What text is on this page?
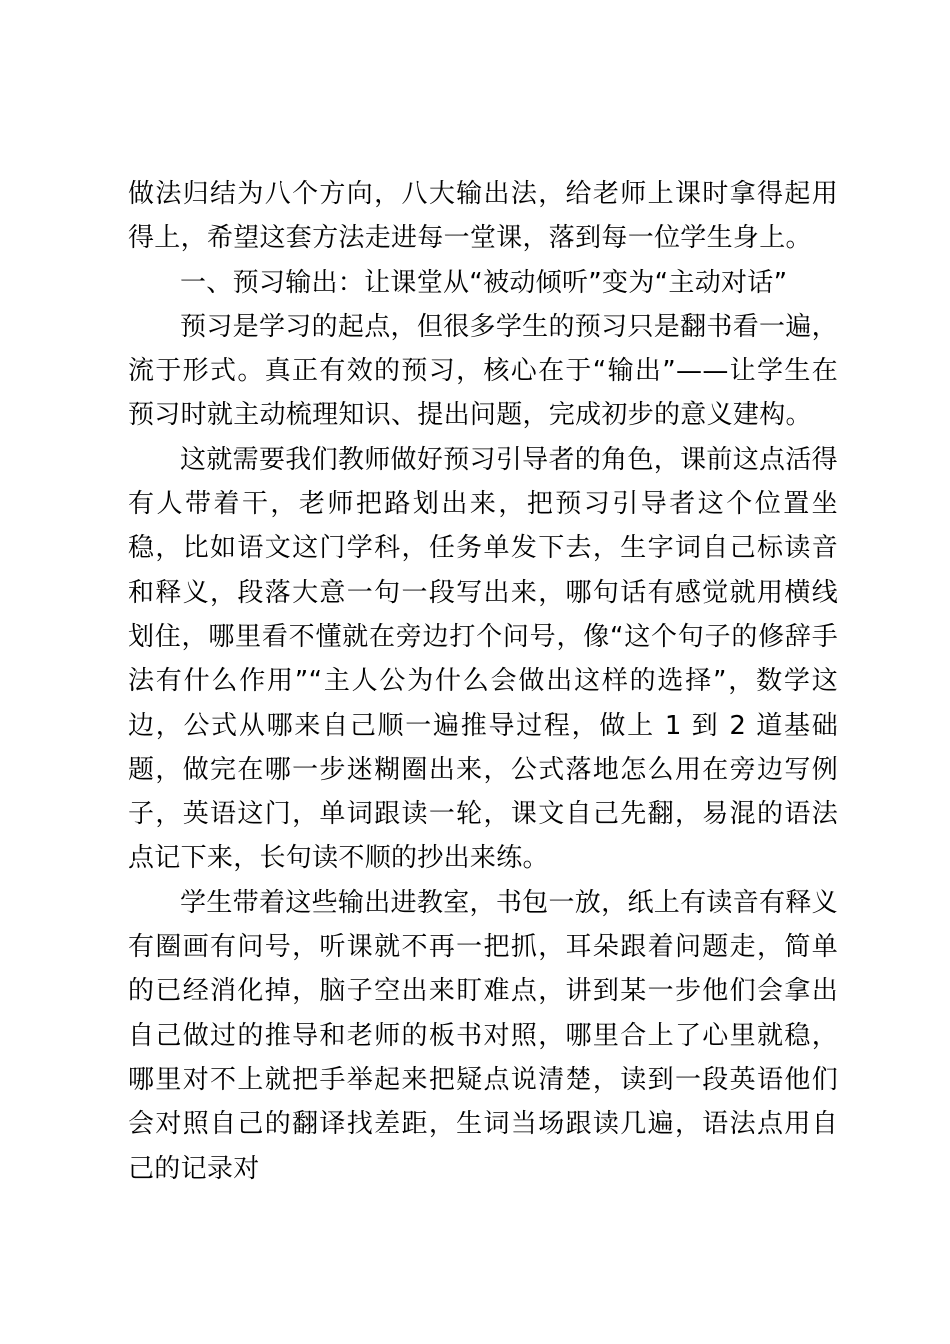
做法归结为八个方向，八大输出法，给老师上课时拿得起用得上，希望这套方法走进每一堂课，落到每一位学生身上。

一、预习输出：让课堂从“被动倾听”变为“主动对话”

预习是学习的起点，但很多学生的预习只是翻书看一遍，流于形式。真正有效的预习，核心在于“输出”——让学生在预习时就主动梳理知识、提出问题，完成初步的意义建构。

这就需要我们教师做好预习引导者的角色，课前这点活得有人带着干，老师把路划出来，把预习引导者这个位置坐稳，比如语文这门学科，任务单发下去，生字词自己标读音和释义，段落大意一句一段写出来，哪句话有感觉就用横线划住，哪里看不懂就在旁边打个问号，像“这个句子的修辞手法有什么作用”“主人公为什么会做出这样的选择”，数学这边，公式从哪来自己顺一遍推导过程，做上 1 到 2 道基础题，做完在哪一步迷糊圈出来，公式落地怎么用在旁边写例子，英语这门，单词跟读一轮，课文自己先翻，易混的语法点记下来，长句读不顺的抄出来练。

学生带着这些输出进教室，书包一放，纸上有读音有释义有圈画有问号，听课就不再一把抓，耳朵跟着问题走，简单的已经消化掉，脑子空出来盯难点，讲到某一步他们会拿出自己做过的推导和老师的板书对照，哪里合上了心里就稳，哪里对不上就把手举起来把疑点说清楚，读到一段英语他们会对照自己的翻译找差距，生词当场跟读几遍，语法点用自己的记录对
